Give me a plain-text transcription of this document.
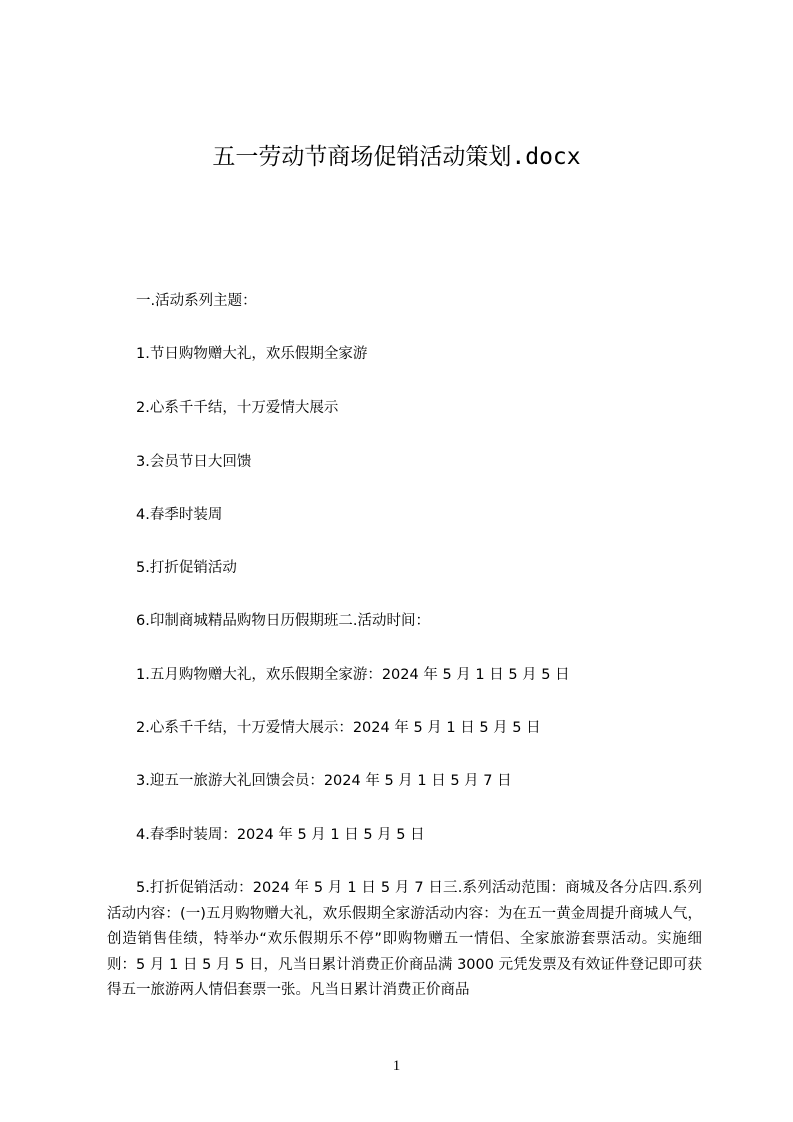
五一劳动节商场促销活动策划.docx
一.活动系列主题：
1.节日购物赠大礼，欢乐假期全家游
2.心系千千结，十万爱情大展示
3.会员节日大回馈
4.春季时装周
5.打折促销活动
6.印制商城精品购物日历假期班二.活动时间：
1.五月购物赠大礼，欢乐假期全家游：2024 年 5 月 1 日 5 月 5 日
2.心系千千结，十万爱情大展示：2024 年 5 月 1 日 5 月 5 日
3.迎五一旅游大礼回馈会员：2024 年 5 月 1 日 5 月 7 日
4.春季时装周：2024 年 5 月 1 日 5 月 5 日

5.打折促销活动：2024 年 5 月 1 日 5 月 7 日三.系列活动范围：商城及各分店四.系列活动内容：(一)五月购物赠大礼，欢乐假期全家游活动内容：为在五一黄金周提升商城人气，创造销售佳绩，特举办“欢乐假期乐不停”即购物赠五一情侣、全家旅游套票活动。实施细则：5 月 1 日 5 月 5 日，凡当日累计消费正价商品满 3000 元凭发票及有效证件登记即可获得五一旅游两人情侣套票一张。凡当日累计消费正价商品

1
